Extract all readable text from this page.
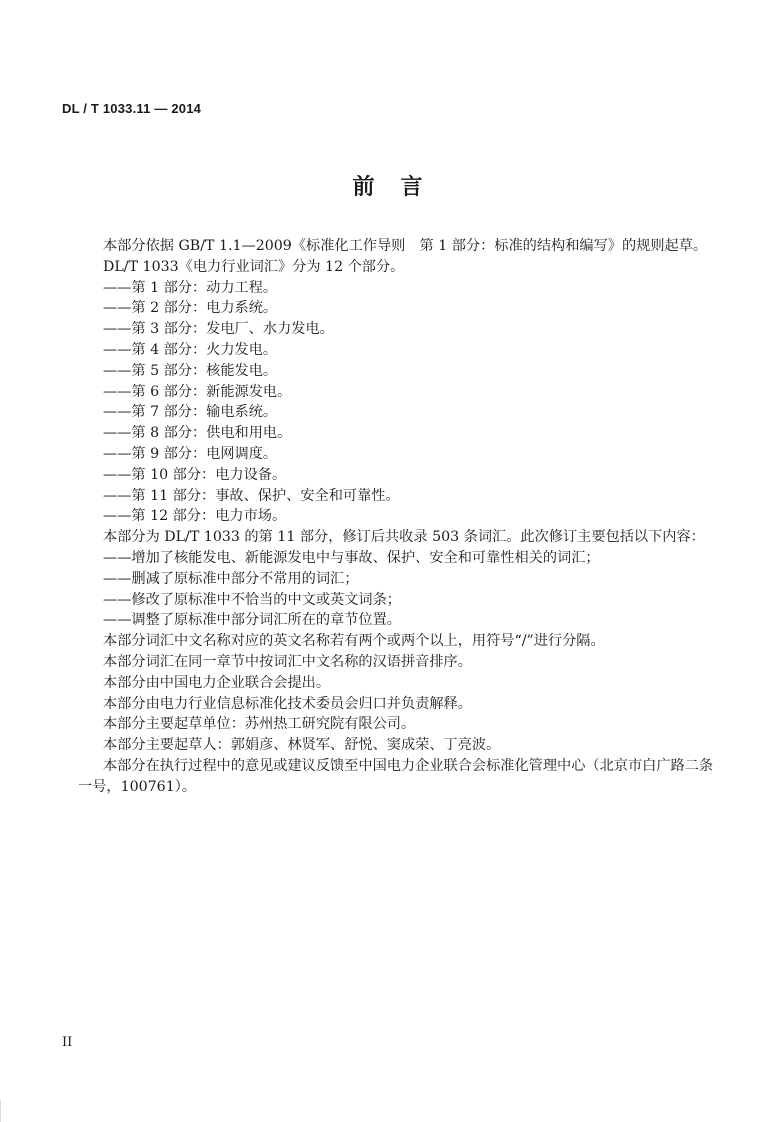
DL / T 1033.11 — 2014
前言
本部分依据 GB/T 1.1—2009《标准化工作导则　第 1 部分：标准的结构和编写》的规则起草。
DL/T 1033《电力行业词汇》分为 12 个部分。
——第 1 部分：动力工程。
——第 2 部分：电力系统。
——第 3 部分：发电厂、水力发电。
——第 4 部分：火力发电。
——第 5 部分：核能发电。
——第 6 部分：新能源发电。
——第 7 部分：输电系统。
——第 8 部分：供电和用电。
——第 9 部分：电网调度。
——第 10 部分：电力设备。
——第 11 部分：事故、保护、安全和可靠性。
——第 12 部分：电力市场。
本部分为 DL/T 1033 的第 11 部分，修订后共收录 503 条词汇。此次修订主要包括以下内容：
——增加了核能发电、新能源发电中与事故、保护、安全和可靠性相关的词汇；
——删减了原标准中部分不常用的词汇；
——修改了原标准中不恰当的中文或英文词条；
——调整了原标准中部分词汇所在的章节位置。
本部分词汇中文名称对应的英文名称若有两个或两个以上，用符号“/”进行分隔。
本部分词汇在同一章节中按词汇中文名称的汉语拼音排序。
本部分由中国电力企业联合会提出。
本部分由电力行业信息标准化技术委员会归口并负责解释。
本部分主要起草单位：苏州热工研究院有限公司。
本部分主要起草人：郭娟彦、林贤军、舒悦、窦成荣、丁亮波。
本部分在执行过程中的意见或建议反馈至中国电力企业联合会标准化管理中心（北京市白广路二条
一号，100761）。
II
